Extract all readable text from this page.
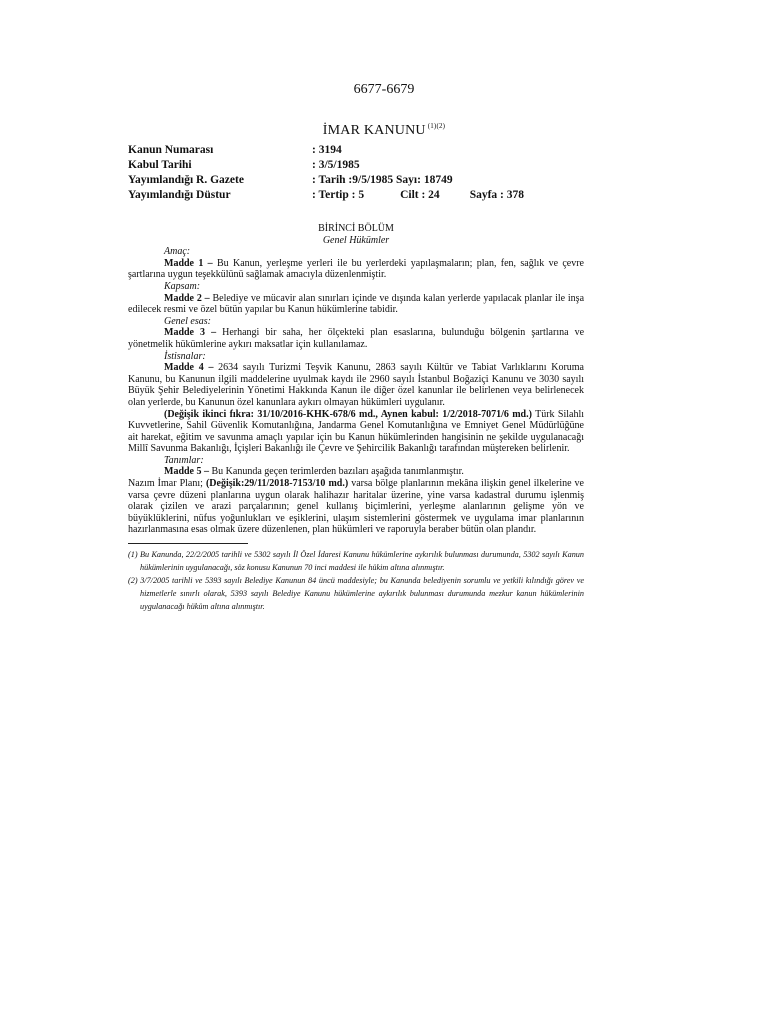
6677-6679
İMAR KANUNU $^{(1)(2)}$
Kanun Numarası	: 3194
Kabul Tarihi	: 3/5/1985
Yayımlandığı R. Gazete	: Tarih :9/5/1985 Sayı: 18749
Yayımlandığı Düstur	: Tertip : 5	Cilt : 24	Sayfa : 378
BİRİNCİ BÖLÜM
Genel Hükümler
Amaç:

Madde 1 – Bu Kanun, yerleşme yerleri ile bu yerlerdeki yapılaşmaların; plan, fen, sağlık ve çevre şartlarına uygun teşekkülünü sağlamak amacıyla düzenlenmiştir.

Kapsam:

Madde 2 – Belediye ve mücavir alan sınırları içinde ve dışında kalan yerlerde yapılacak planlar ile inşa edilecek resmi ve özel bütün yapılar bu Kanun hükümlerine tabidir.

Genel esas:

Madde 3 – Herhangi bir saha, her ölçekteki plan esaslarına, bulunduğu bölgenin şartlarına ve yönetmelik hükümlerine aykırı maksatlar için kullanılamaz.

İstisnalar:

Madde 4 – 2634 sayılı Turizmi Teşvik Kanunu, 2863 sayılı Kültür ve Tabiat Varlıklarını Koruma Kanunu, bu Kanunun ilgili maddelerine uyulmak kaydı ile 2960 sayılı İstanbul Boğaziçi Kanunu ve 3030 sayılı Büyük Şehir Belediyelerinin Yönetimi Hakkında Kanun ile diğer özel kanunlar ile belirlenen veya belirlenecek olan yerlerde, bu Kanunun özel kanunlara aykırı olmayan hükümleri uygulanır.

(Değişik ikinci fıkra: 31/10/2016-KHK-678/6 md., Aynen kabul: 1/2/2018-7071/6 md.) Türk Silahlı Kuvvetlerine, Sahil Güvenlik Komutanlığına, Jandarma Genel Komutanlığına ve Emniyet Genel Müdürlüğüne ait harekat, eğitim ve savunma amaçlı yapılar için bu Kanun hükümlerinden hangisinin ne şekilde uygulanacağı Millî Savunma Bakanlığı, İçişleri Bakanlığı ile Çevre ve Şehircilik Bakanlığı tarafından müştereken belirlenir.

Tanımlar:

Madde 5 – Bu Kanunda geçen terimlerden bazıları aşağıda tanımlanmıştır.

Nazım İmar Planı; (Değişik:29/11/2018-7153/10 md.) varsa bölge planlarının mekâna ilişkin genel ilkelerine ve varsa çevre düzeni planlarına uygun olarak halihazır haritalar üzerine, yine varsa kadastral durumu işlenmiş olarak çizilen ve arazi parçalarının; genel kullanış biçimlerini, yerleşme alanlarının gelişme yön ve büyüklüklerini, nüfus yoğunlukları ve eşiklerini, ulaşım sistemlerini göstermek ve uygulama imar planlarının hazırlanmasına esas olmak üzere düzenlenen, plan hükümleri ve raporuyla beraber bütün olan plandır.

(1) Bu Kanunda, 22/2/2005 tarihli ve 5302 sayılı İl Özel İdaresi Kanunu hükümlerine aykırılık bulunması durumunda, 5302 sayılı Kanun hükümlerinin uygulanacağı, söz konusu Kanunun 70 inci maddesi ile hükim altına alınmıştır.

(2) 3/7/2005 tarihli ve 5393 sayılı Belediye Kanunun 84 üncü maddesiyle; bu Kanunda belediyenin sorumlu ve yetkili kılındığı görev ve hizmetlerle sınırlı olarak, 5393 sayılı Belediye Kanunu hükümlerine aykırılık bulunması durumunda mezkur kanun hükümlerinin uygulanacağı hüküm altına alınmıştır.
